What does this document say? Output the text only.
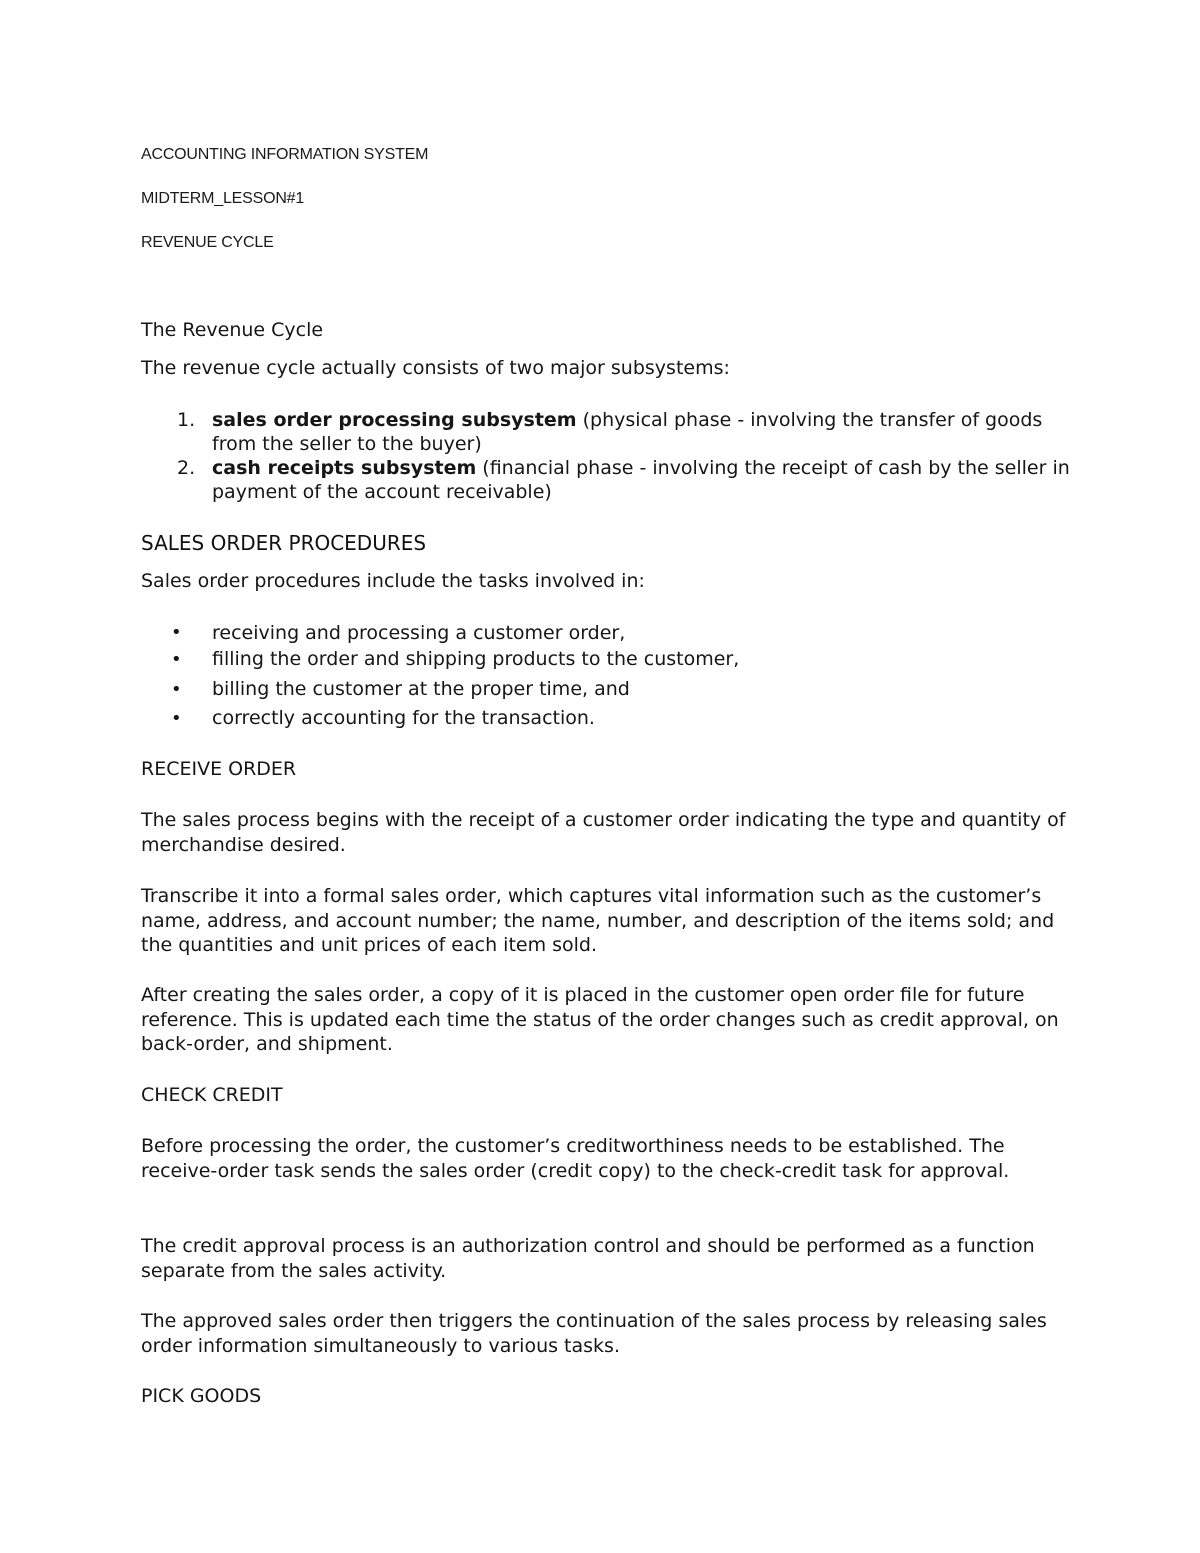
ACCOUNTING INFORMATION SYSTEM

MIDTERM_LESSON#1

REVENUE CYCLE

The Revenue Cycle

The revenue cycle actually consists of two major subsystems:

1. sales order processing subsystem (physical phase - involving the transfer of goods from the seller to the buyer)
2. cash receipts subsystem (financial phase - involving the receipt of cash by the seller in payment of the account receivable)

SALES ORDER PROCEDURES

Sales order procedures include the tasks involved in:

• receiving and processing a customer order,
• filling the order and shipping products to the customer,
• billing the customer at the proper time, and
• correctly accounting for the transaction.

RECEIVE ORDER

The sales process begins with the receipt of a customer order indicating the type and quantity of merchandise desired.

Transcribe it into a formal sales order, which captures vital information such as the customer’s name, address, and account number; the name, number, and description of the items sold; and the quantities and unit prices of each item sold.

After creating the sales order, a copy of it is placed in the customer open order file for future reference. This is updated each time the status of the order changes such as credit approval, on back-order, and shipment.

CHECK CREDIT

Before processing the order, the customer’s creditworthiness needs to be established. The receive-order task sends the sales order (credit copy) to the check-credit task for approval.

The credit approval process is an authorization control and should be performed as a function separate from the sales activity.

The approved sales order then triggers the continuation of the sales process by releasing sales order information simultaneously to various tasks.

PICK GOODS
